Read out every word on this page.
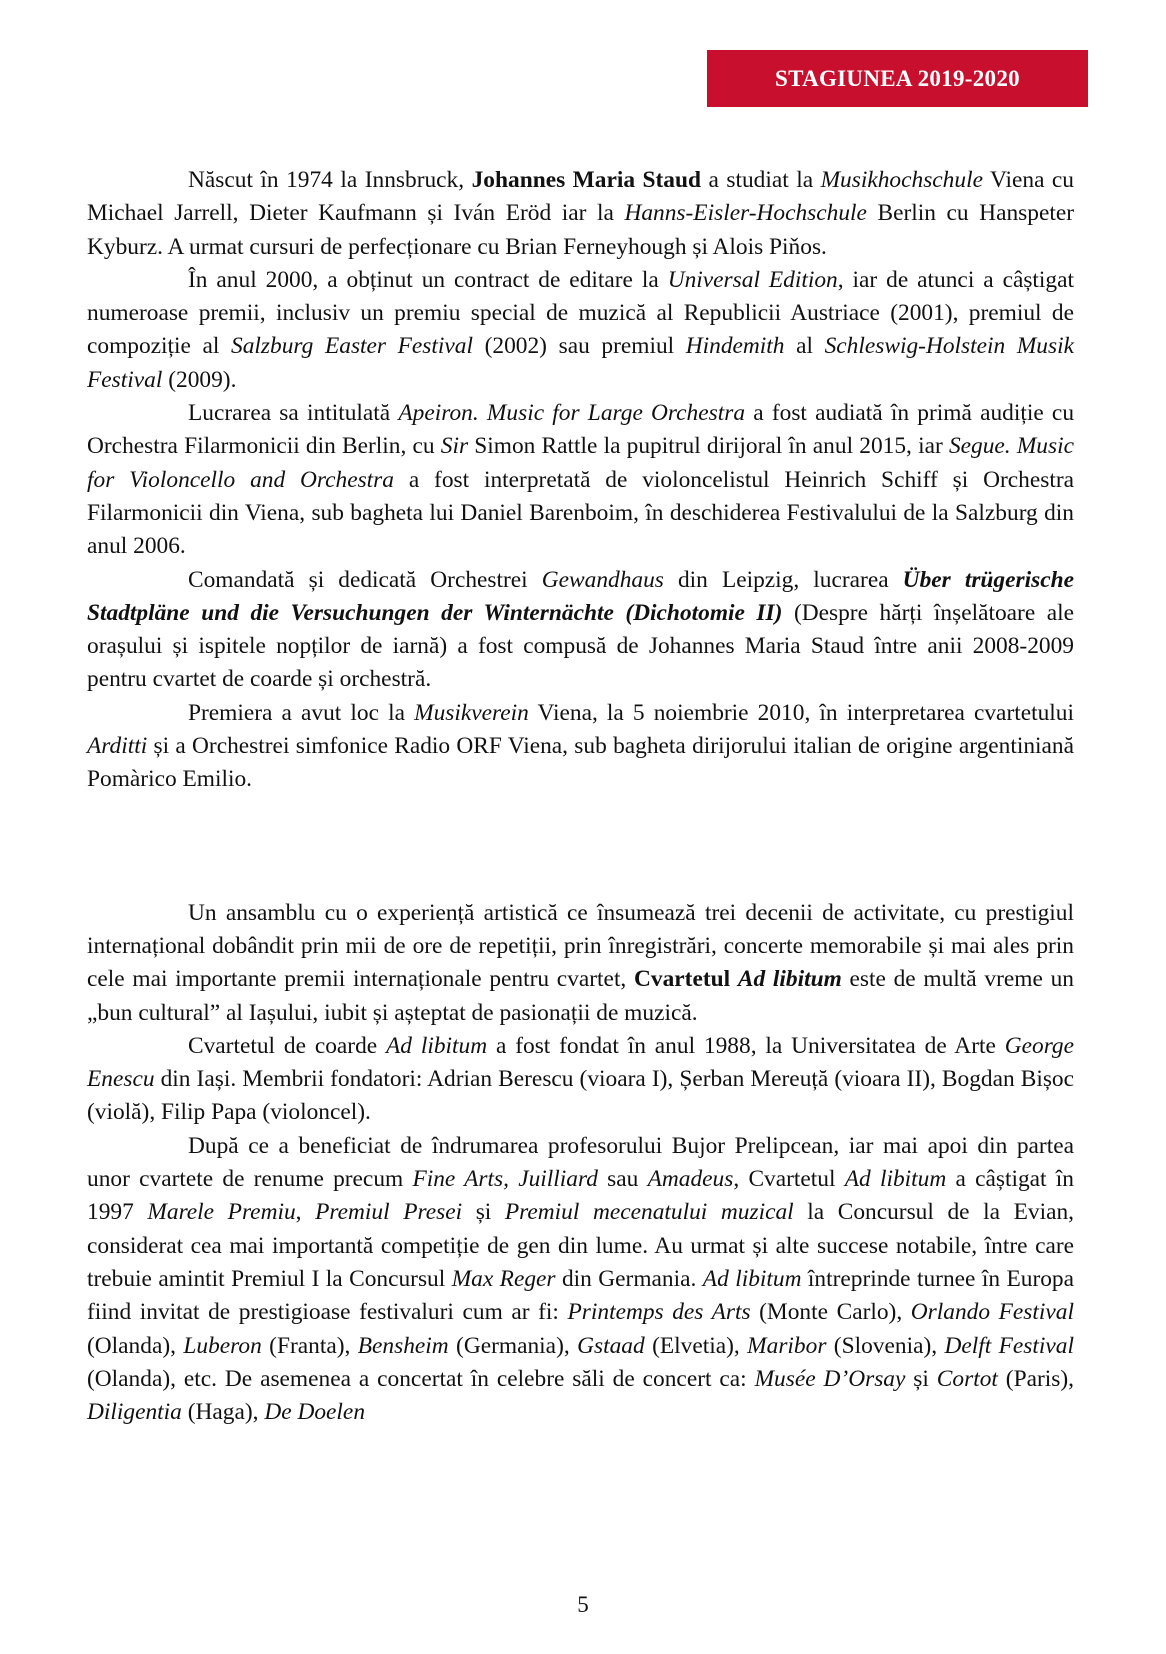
STAGIUNEA 2019-2020

Născut în 1974 la Innsbruck, Johannes Maria Staud a studiat la Musikhochschule Viena cu Michael Jarrell, Dieter Kaufmann și Iván Eröd iar la Hanns-Eisler-Hochschule Berlin cu Hanspeter Kyburz. A urmat cursuri de perfecționare cu Brian Ferneyhough și Alois Piňos.

În anul 2000, a obținut un contract de editare la Universal Edition, iar de atunci a câștigat numeroase premii, inclusiv un premiu special de muzică al Republicii Austriace (2001), premiul de compoziție al Salzburg Easter Festival (2002) sau premiul Hindemith al Schleswig-Holstein Musik Festival (2009).

Lucrarea sa intitulată Apeiron. Music for Large Orchestra a fost audiată în primă audiție cu Orchestra Filarmonicii din Berlin, cu Sir Simon Rattle la pupitrul dirijoral în anul 2015, iar Segue. Music for Violoncello and Orchestra a fost interpretată de violoncelistul Heinrich Schiff și Orchestra Filarmonicii din Viena, sub bagheta lui Daniel Barenboim, în deschiderea Festivalului de la Salzburg din anul 2006.

Comandată și dedicată Orchestrei Gewandhaus din Leipzig, lucrarea Über trügerische Stadtpläne und die Versuchungen der Winternächte (Dichotomie II) (Despre hărți înșelătoare ale orașului și ispitele nopților de iarnă) a fost compusă de Johannes Maria Staud între anii 2008-2009 pentru cvartet de coarde și orchestră.

Premiera a avut loc la Musikverein Viena, la 5 noiembrie 2010, în interpretarea cvartetului Arditti și a Orchestrei simfonice Radio ORF Viena, sub bagheta dirijorului italian de origine argentiniană Pomàrico Emilio.

Un ansamblu cu o experiență artistică ce însumează trei decenii de activitate, cu prestigiul internațional dobândit prin mii de ore de repetiții, prin înregistrări, concerte memorabile și mai ales prin cele mai importante premii internaționale pentru cvartet, Cvartetul Ad libitum este de multă vreme un „bun cultural” al Iașului, iubit și așteptat de pasionații de muzică.

Cvartetul de coarde Ad libitum a fost fondat în anul 1988, la Universitatea de Arte George Enescu din Iași. Membrii fondatori: Adrian Berescu (vioara I), Șerban Mereuță (vioara II), Bogdan Bișoc (violă), Filip Papa (violoncel).

După ce a beneficiat de îndrumarea profesorului Bujor Prelipcean, iar mai apoi din partea unor cvartete de renume precum Fine Arts, Juilliard sau Amadeus, Cvartetul Ad libitum a câștigat în 1997 Marele Premiu, Premiul Presei și Premiul mecenatului muzical la Concursul de la Evian, considerat cea mai importantă competiție de gen din lume. Au urmat și alte succese notabile, între care trebuie amintit Premiul I la Concursul Max Reger din Germania. Ad libitum întreprinde turnee în Europa fiind invitat de prestigioase festivaluri cum ar fi: Printemps des Arts (Monte Carlo), Orlando Festival (Olanda), Luberon (Franta), Bensheim (Germania), Gstaad (Elvetia), Maribor (Slovenia), Delft Festival (Olanda), etc. De asemenea a concertat în celebre săli de concert ca: Musée D’Orsay și Cortot (Paris), Diligentia (Haga), De Doelen

5
